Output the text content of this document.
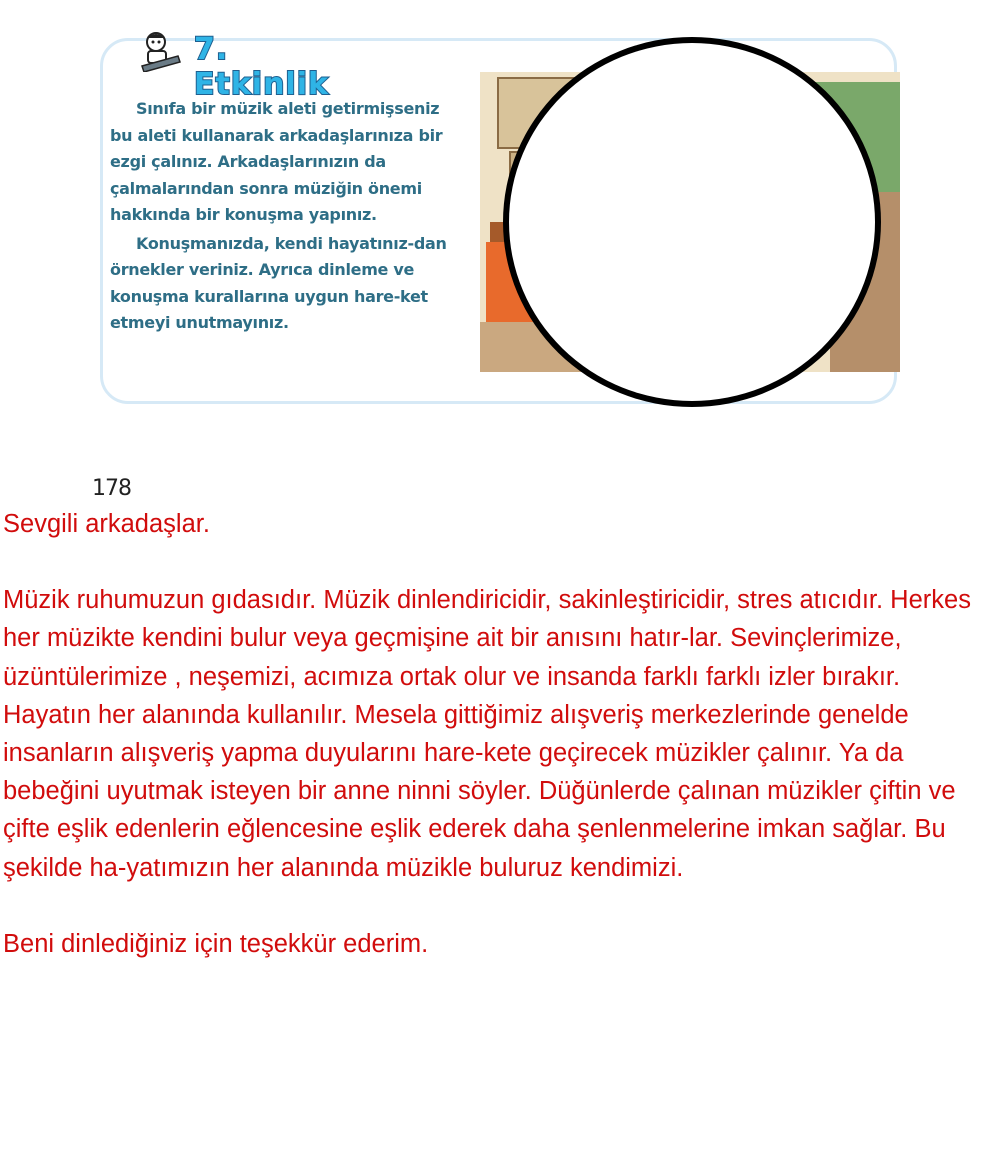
7. Etkinlik

Sınıfa bir müzik aleti getirmişseniz bu aleti kullanarak arkadaşlarınıza bir ezgi çalınız. Arkadaşlarınızın da çalmalarından sonra müziğin önemi hakkında bir konuşma yapınız.

Konuşmanızda, kendi hayatınız-dan örnekler veriniz. Ayrıca dinleme ve konuşma kurallarına uygun hare-ket etmeyi unutmayınız.

178

Sevgili arkadaşlar.

Müzik ruhumuzun gıdasıdır. Müzik dinlendiricidir, sakinleştiricidir, stres atıcıdır. Herkes her müzikte kendini bulur veya geçmişine ait bir anısını hatır-lar. Sevinçlerimize, üzüntülerimize , neşemizi, acımıza ortak olur ve insanda farklı farklı izler bırakır. Hayatın her alanında kullanılır. Mesela gittiğimiz alışveriş merkezlerinde genelde insanların alışveriş yapma duyularını hare-kete geçirecek müzikler çalınır. Ya da bebeğini uyutmak isteyen bir anne ninni söyler. Düğünlerde çalınan müzikler çiftin ve çifte eşlik edenlerin eğlencesine eşlik ederek daha şenlenmelerine imkan sağlar. Bu şekilde ha-yatımızın her alanında müzikle buluruz kendimizi.

Beni dinlediğiniz için teşekkür ederim.
